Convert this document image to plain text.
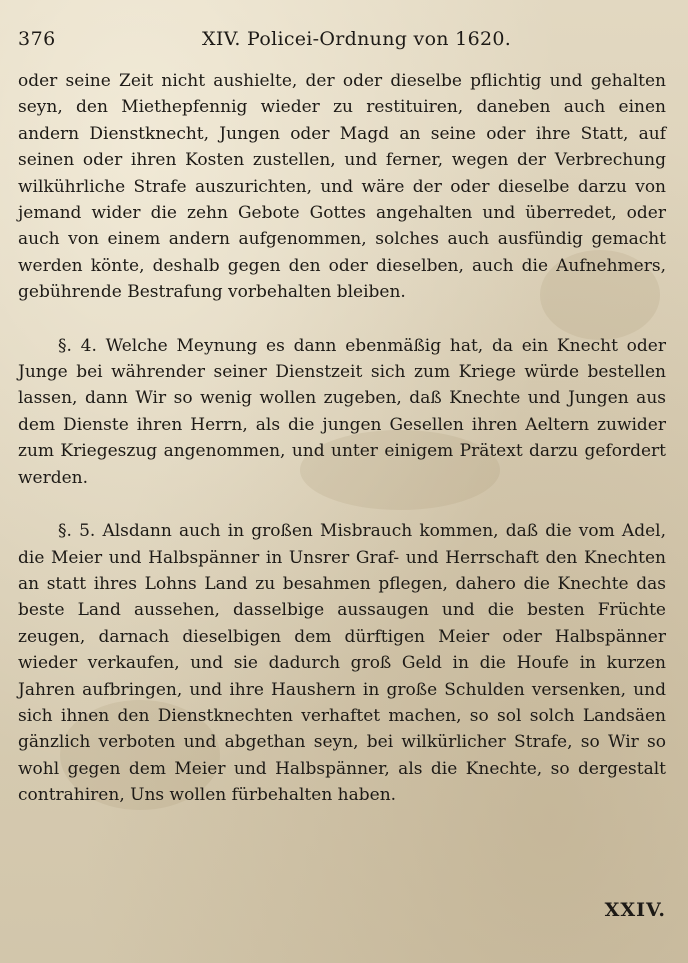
376	XIV. Policei-Ordnung von 1620.

oder seine Zeit nicht aushielte, der oder dieselbe pflichtig und gehalten seyn, den Miethepfennig wieder zu restituiren, daneben auch einen andern Dienstknecht, Jungen oder Magd an seine oder ihre Statt, auf seinen oder ihren Kosten zustellen, und ferner, wegen der Verbrechung wilkührliche Strafe auszurichten, und wäre der oder dieselbe darzu von jemand wider die zehn Gebote Gottes angehalten und überredet, oder auch von einem andern aufgenommen, solches auch ausfündig gemacht werden könte, deshalb gegen den oder dieselben, auch die Aufnehmers, gebührende Bestrafung vorbehalten bleiben.

§. 4. Welche Meynung es dann ebenmäßig hat, da ein Knecht oder Junge bei währender seiner Dienstzeit sich zum Kriege würde bestellen lassen, dann Wir so wenig wollen zugeben, daß Knechte und Jungen aus dem Dienste ihren Herrn, als die jungen Gesellen ihren Aeltern zuwider zum Kriegeszug angenommen, und unter einigem Prätext darzu gefordert werden.

§. 5. Alsdann auch in großen Misbrauch kommen, daß die vom Adel, die Meier und Halbspänner in Unsrer Graf- und Herrschaft den Knechten an statt ihres Lohns Land zu besahmen pflegen, dahero die Knechte das beste Land aussehen, dasselbige aussaugen und die besten Früchte zeugen, darnach dieselbigen dem dürftigen Meier oder Halbspänner wieder verkaufen, und sie dadurch groß Geld in die Houfe in kurzen Jahren aufbringen, und ihre Haushern in große Schulden versenken, und sich ihnen den Dienstknechten verhaftet machen, so sol solch Landsäen gänzlich verboten und abgethan seyn, bei wilkürlicher Strafe, so Wir so wohl gegen dem Meier und Halbspänner, als die Knechte, so dergestalt contrahiren, Uns wollen fürbehalten haben.

XXIV.
